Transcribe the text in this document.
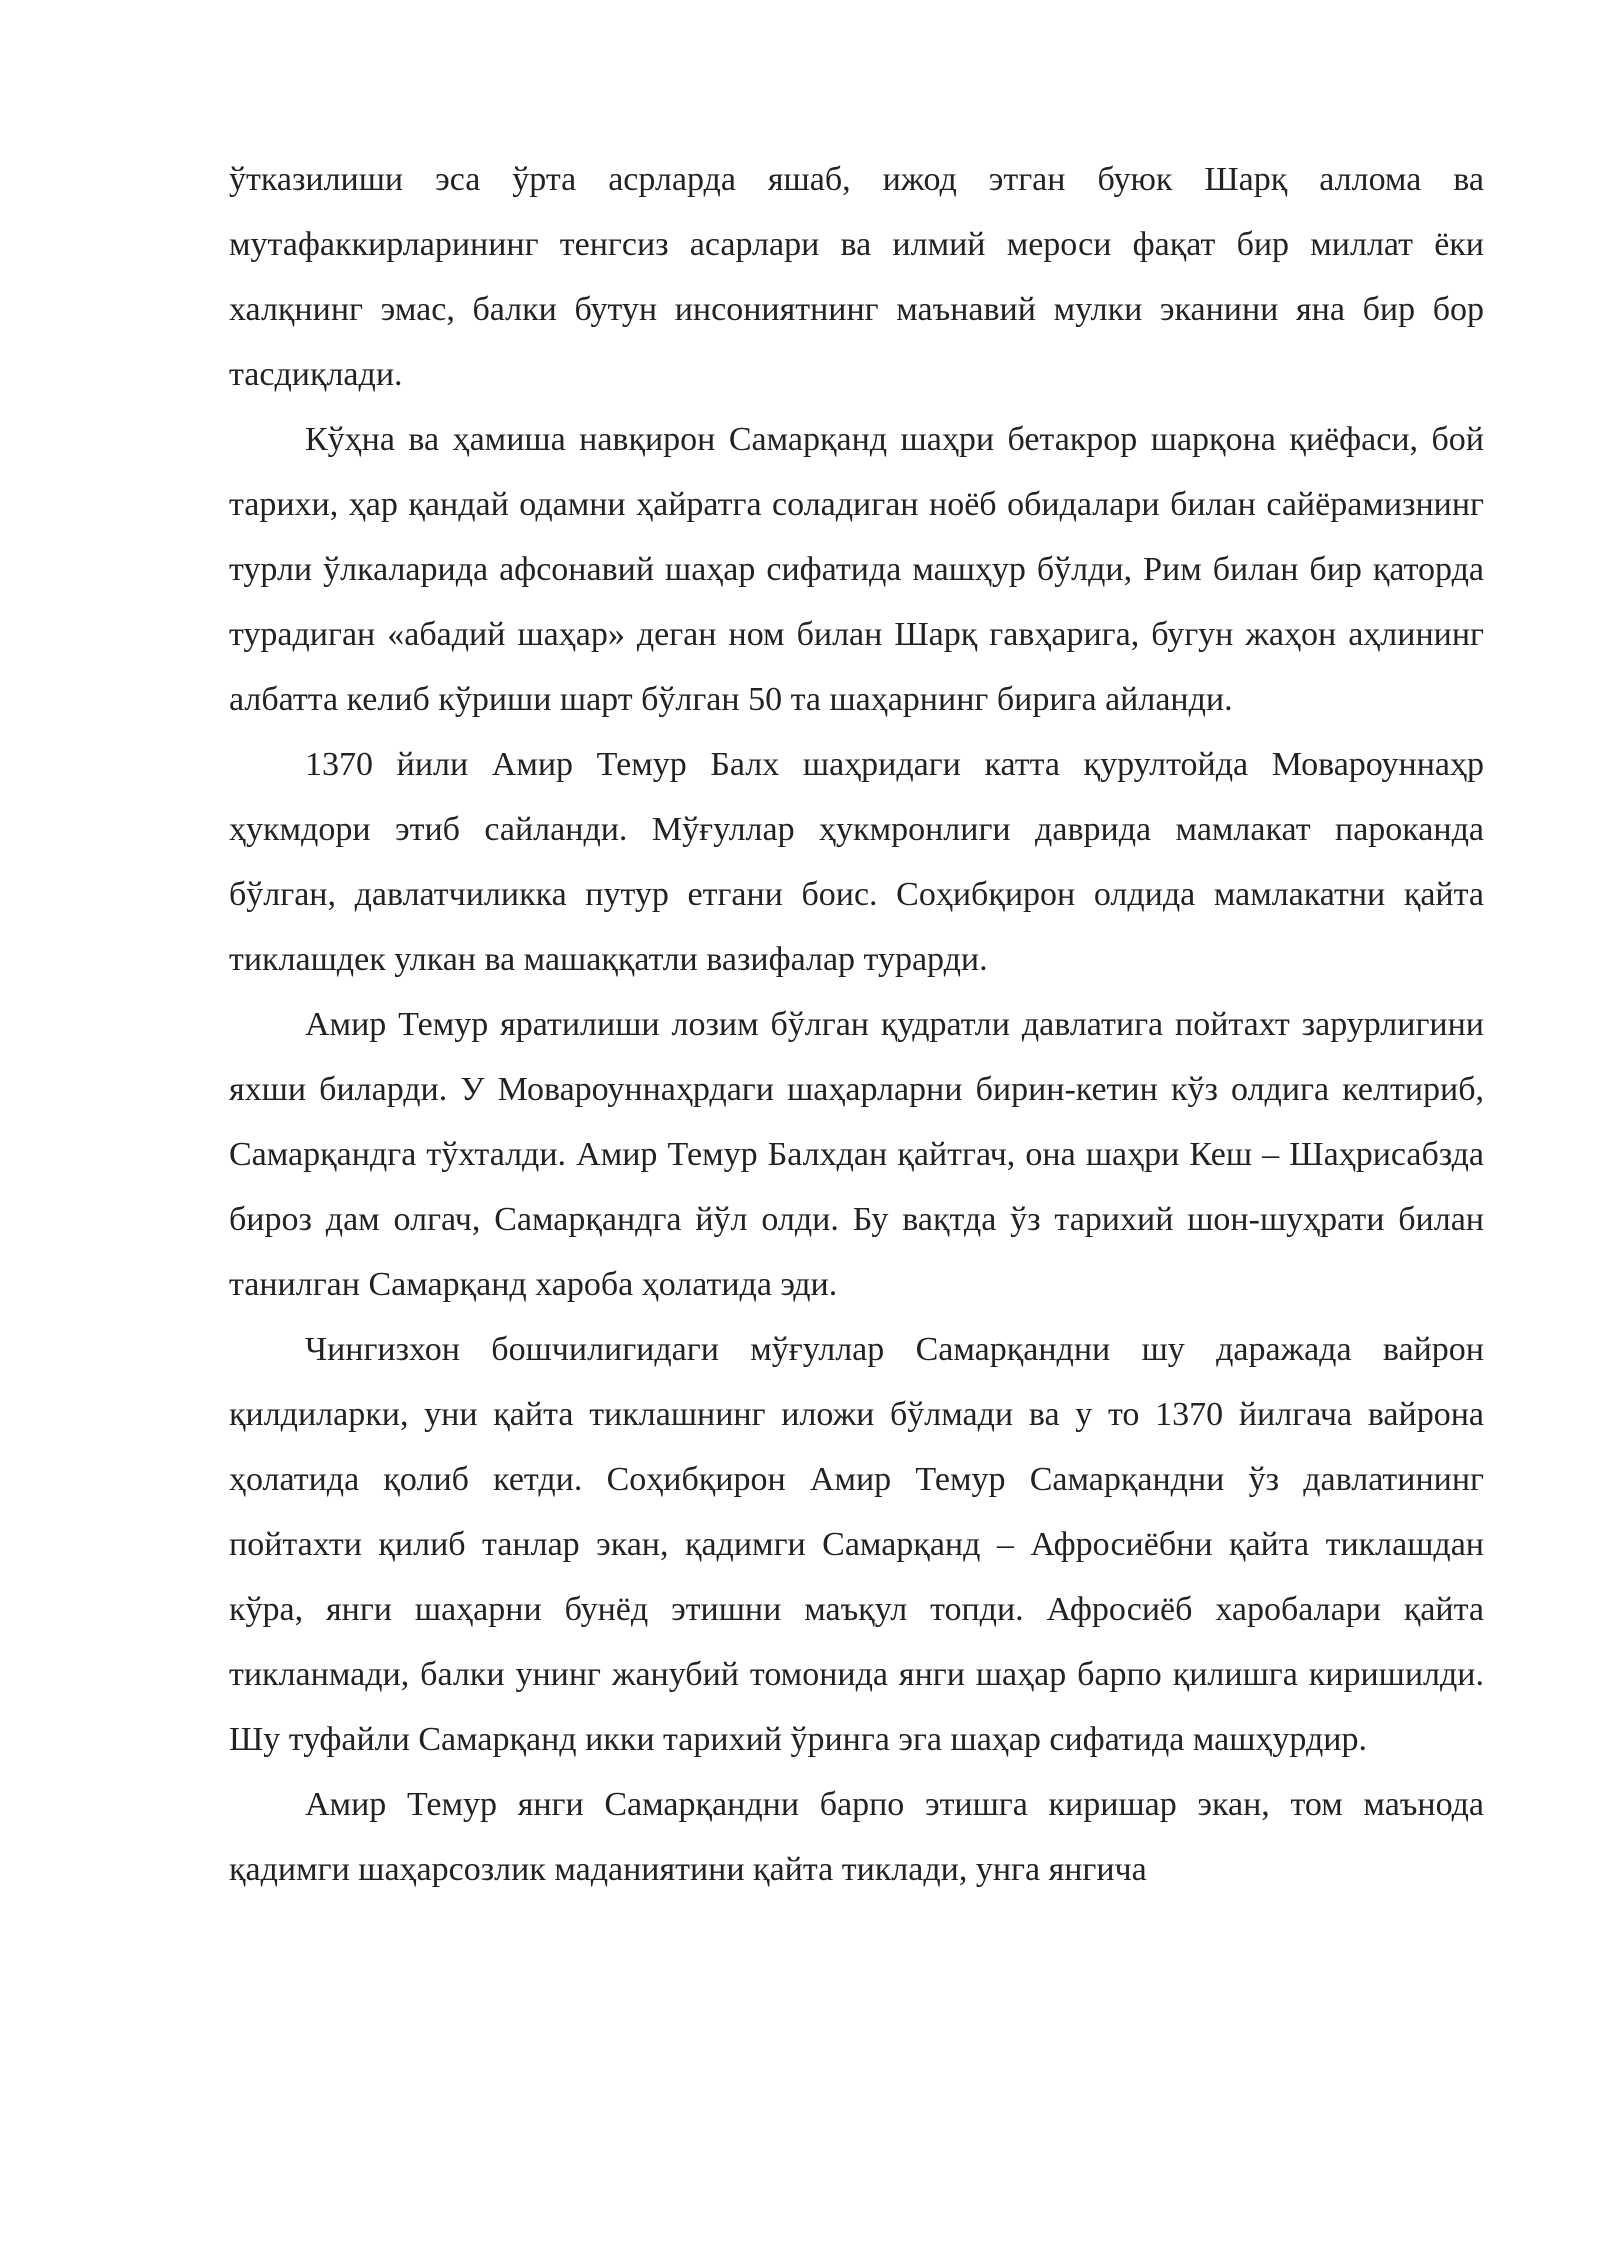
ўтказилиши эса ўрта асрларда яшаб, ижод этган буюк Шарқ аллома ва мутафаккирларининг тенгсиз асарлари ва илмий мероси фақат бир миллат ёки халқнинг эмас, балки бутун инсониятнинг маънавий мулки эканини яна бир бор тасдиқлади.

Кўҳна ва ҳамиша навқирон Самарқанд шаҳри бетакрор шарқона қиёфаси, бой тарихи, ҳар қандай одамни ҳайратга соладиган ноёб обидалари билан сайёрамизнинг турли ўлкаларида афсонавий шаҳар сифатида машҳур бўлди, Рим билан бир қаторда турадиган «абадий шаҳар» деган ном билан Шарқ гавҳарига, бугун жаҳон аҳлининг албатта келиб кўриши шарт бўлган 50 та шаҳарнинг бирига айланди.

1370 йили Амир Темур Балх шаҳридаги катта қурултойда Мовароуннаҳр ҳукмдори этиб сайланди. Мўғуллар ҳукмронлиги даврида мамлакат пароканда бўлган, давлатчиликка путур етгани боис. Соҳибқирон олдида мамлакатни қайта тиклашдек улкан ва машаққатли вазифалар турарди.

Амир Темур яратилиши лозим бўлган қудратли давлатига пойтахт зарурлигини яхши биларди. У Мовароуннаҳрдаги шаҳарларни бирин-кетин кўз олдига келтириб, Самарқандга тўхталди. Амир Темур Балхдан қайтгач, она шаҳри Кеш – Шаҳрисабзда бироз дам олгач, Самарқандга йўл олди. Бу вақтда ўз тарихий шон-шуҳрати билан танилган Самарқанд хароба ҳолатида эди.

Чингизхон бошчилигидаги мўғуллар Самарқандни шу даражада вайрон қилдиларки, уни қайта тиклашнинг иложи бўлмади ва у то 1370 йилгача вайрона ҳолатида қолиб кетди. Соҳибқирон Амир Темур Самарқандни ўз давлатининг пойтахти қилиб танлар экан, қадимги Самарқанд – Афросиёбни қайта тиклашдан кўра, янги шаҳарни бунёд этишни маъқул топди. Афросиёб харобалари қайта тикланмади, балки унинг жанубий томонида янги шаҳар барпо қилишга киришилди. Шу туфайли Самарқанд икки тарихий ўринга эга шаҳар сифатида машҳурдир.

Амир Темур янги Самарқандни барпо этишга киришар экан, том маънода қадимги шаҳарсозлик маданиятини қайта тиклади, унга янгича
